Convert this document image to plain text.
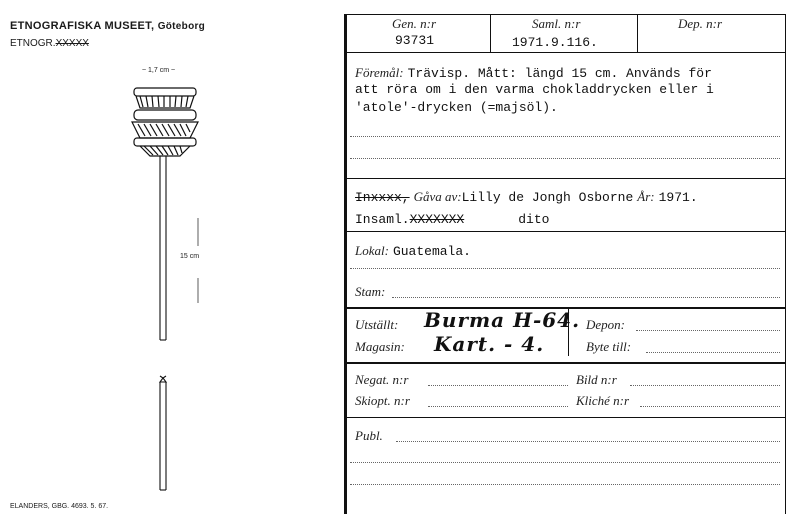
ETNOGRAFISKA MUSEET, Göteborg
ETNOGR.XXXXX
~ 1,7 cm ~
15 cm
ELANDERS, GBG. 4693. 5. 67.
Gen. n:r
93731
Saml. n:r
1971.9.116.
Dep. n:r
Föremål: Trävisp. Mått: längd 15 cm. Används för
att röra om i den varma chokladdrycken eller i
'atole'-drycken (=majsöl).
Inxxxx, Gåva av:Lilly de Jongh Osborne År: 1971.
Insaml.XXXXXXX	dito
Lokal: Guatemala.
Stam:
Utställt: Burma H-64.
Magasin: Kart. - 4.
Depon:
Byte till:
Negat. n:r	Bild n:r
Skiopt. n:r	Kliché n:r
Publ.
